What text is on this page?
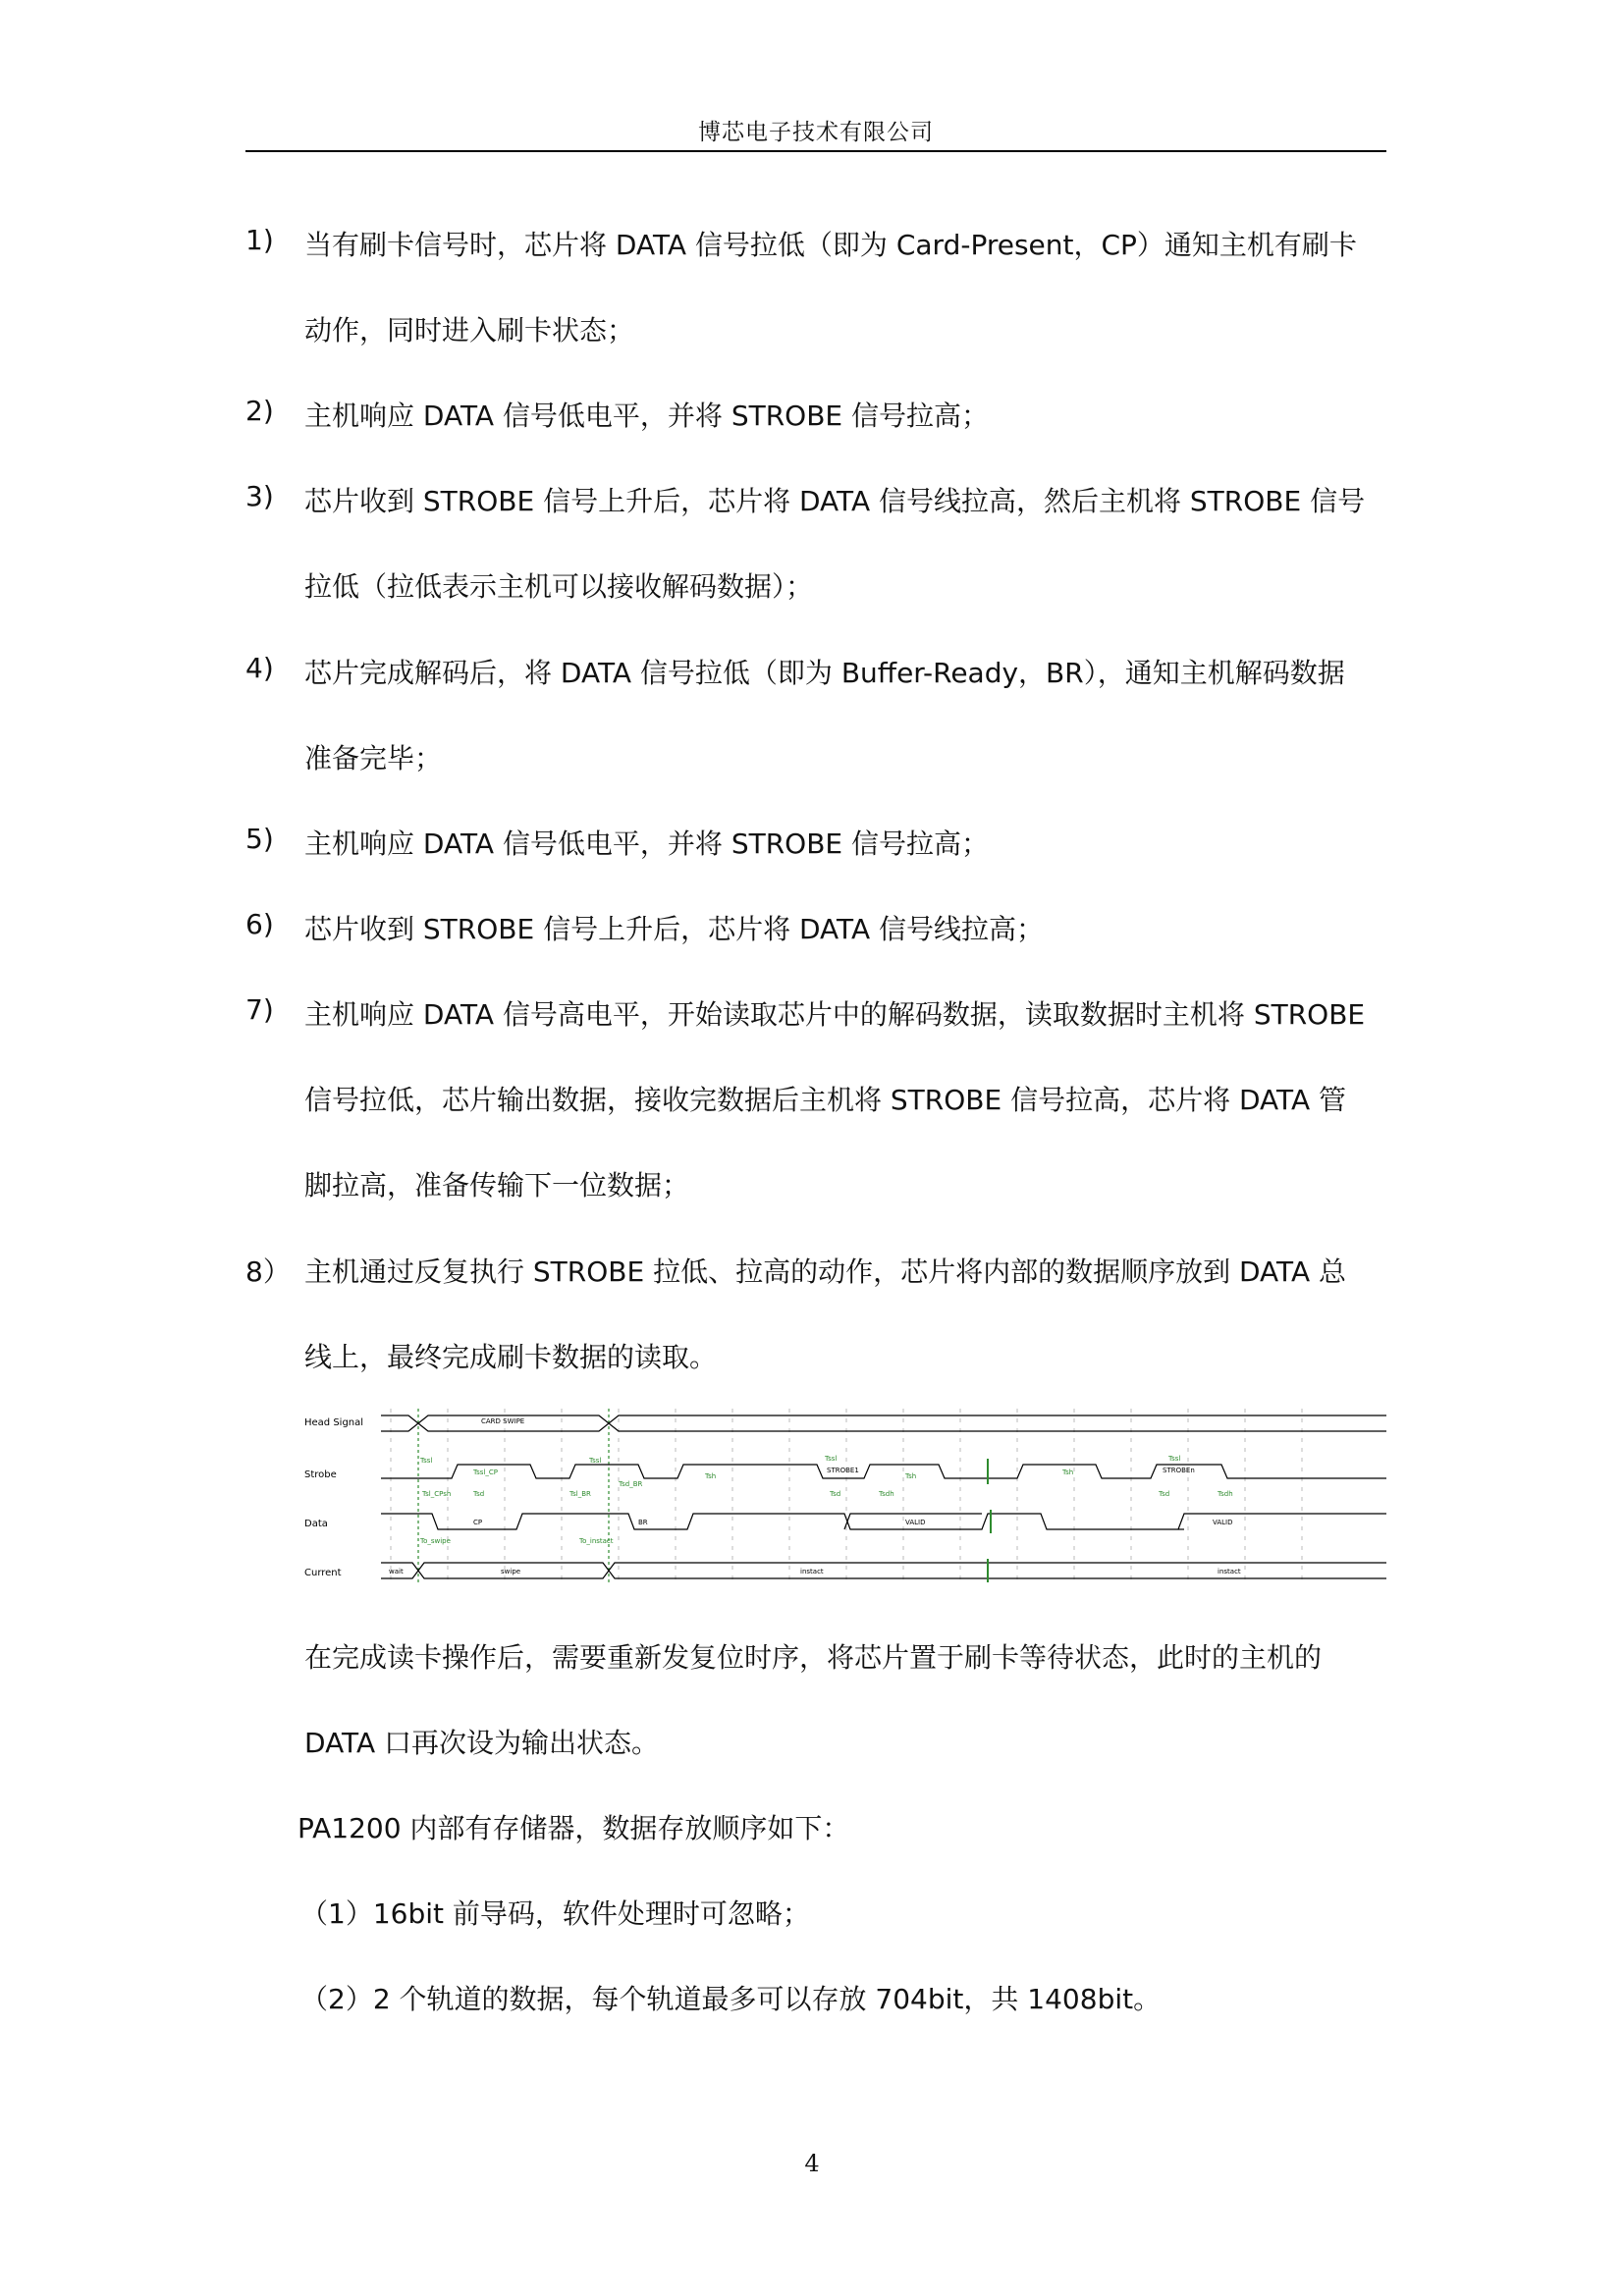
博芯电子技术有限公司
1) 当有刷卡信号时，芯片将 DATA 信号拉低（即为 Card-Present，CP）通知主机有刷卡
动作，同时进入刷卡状态；
2) 主机响应 DATA 信号低电平，并将 STROBE 信号拉高；
3) 芯片收到 STROBE 信号上升后，芯片将 DATA 信号线拉高，然后主机将 STROBE 信号
拉低（拉低表示主机可以接收解码数据）；
4) 芯片完成解码后，将 DATA 信号拉低（即为 Buffer-Ready，BR），通知主机解码数据
准备完毕；
5) 主机响应 DATA 信号低电平，并将 STROBE 信号拉高；
6) 芯片收到 STROBE 信号上升后，芯片将 DATA 信号线拉高；
7) 主机响应 DATA 信号高电平，开始读取芯片中的解码数据，读取数据时主机将 STROBE
信号拉低，芯片输出数据，接收完数据后主机将 STROBE 信号拉高，芯片将 DATA 管
脚拉高，准备传输下一位数据；
8） 主机通过反复执行 STROBE 拉低、拉高的动作，芯片将内部的数据顺序放到 DATA 总
线上，最终完成刷卡数据的读取。
Head Signal
Strobe
Data
Current
CARD SWIPE
Tssl
Tssl_CP
Tssl
Tsl_CPsh	Tsd	Tsl_BR
Tsd_BR
Tsh
Tssl
STROBE1
Tsh
Tsd	Tsdh
Tsh
Tssl
STROBEn
Tsd	Tsdh
CP	BR	VALID	VALID
To_swipe	To_instact
wait	swipe	instact	instact
在完成读卡操作后，需要重新发复位时序，将芯片置于刷卡等待状态，此时的主机的
DATA 口再次设为输出状态。
PA1200 内部有存储器，数据存放顺序如下：
（1）16bit 前导码，软件处理时可忽略；
（2）2 个轨道的数据，每个轨道最多可以存放 704bit，共 1408bit。
4
